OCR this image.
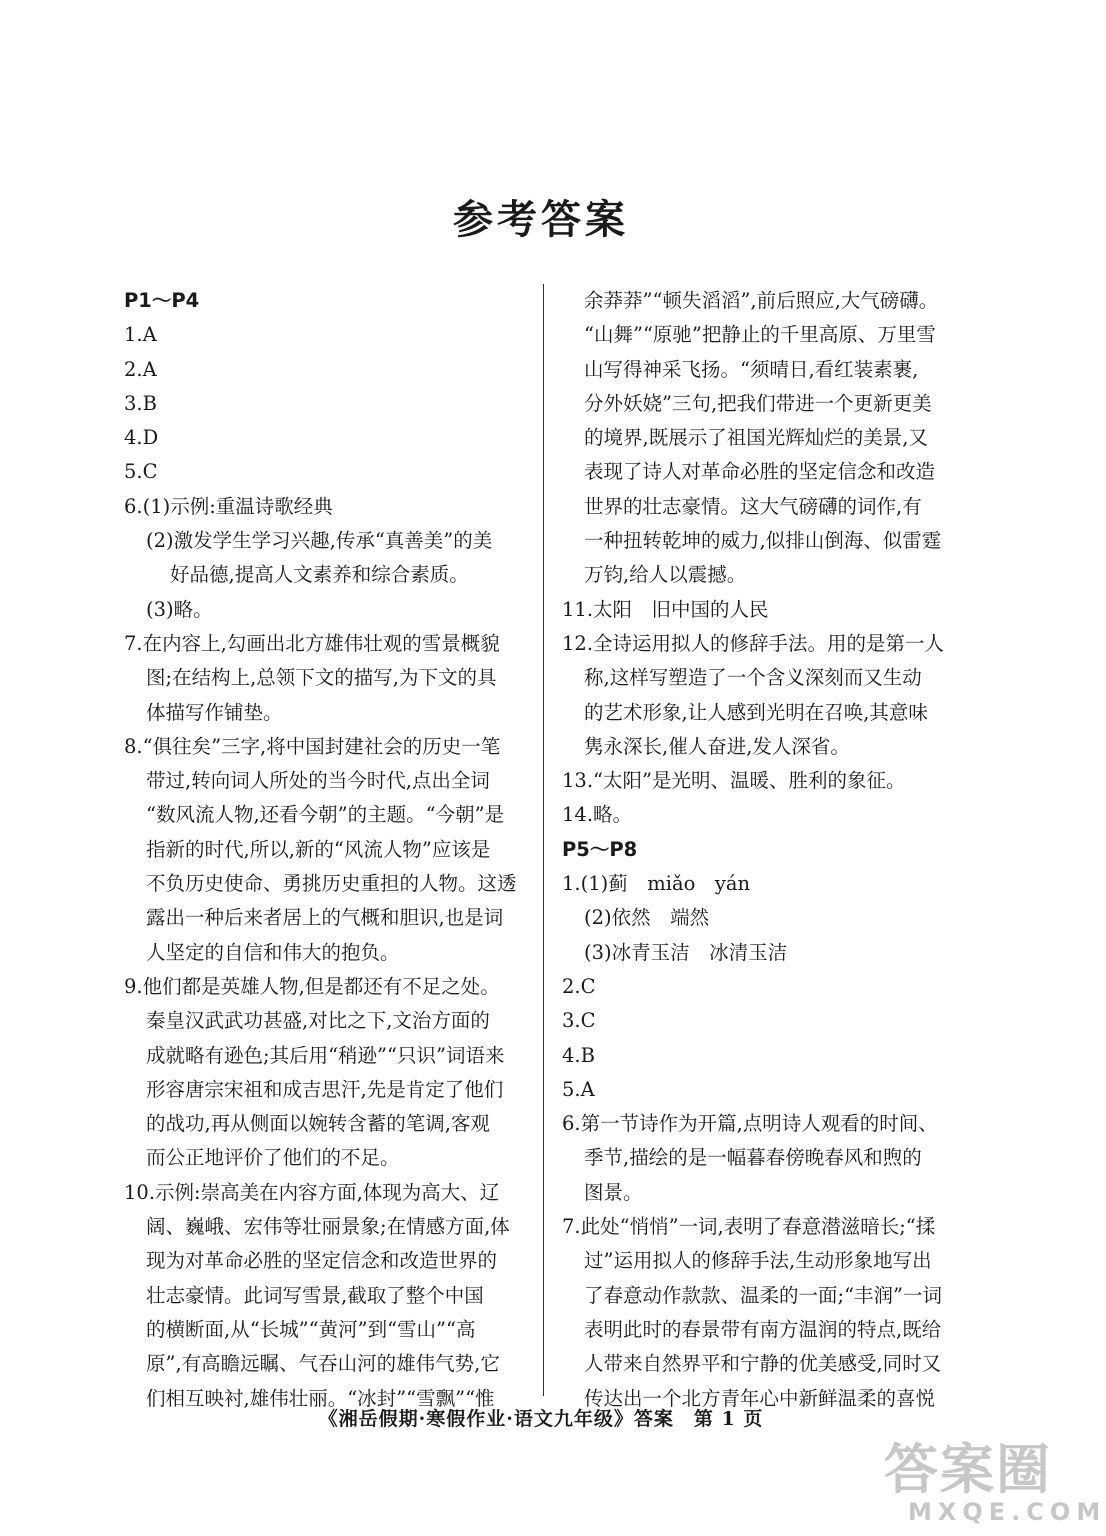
参考答案
P1～P4
1.A
2.A
3.B
4.D
5.C
6.(1)示例:重温诗歌经典
(2)激发学生学习兴趣,传承“真善美”的美
好品德,提高人文素养和综合素质。
(3)略。
7.在内容上,勾画出北方雄伟壮观的雪景概貌
图;在结构上,总领下文的描写,为下文的具
体描写作铺垫。
8.“俱往矣”三字,将中国封建社会的历史一笔
带过,转向词人所处的当今时代,点出全词
“数风流人物,还看今朝”的主题。“今朝”是
指新的时代,所以,新的“风流人物”应该是
不负历史使命、勇挑历史重担的人物。这透
露出一种后来者居上的气概和胆识,也是词
人坚定的自信和伟大的抱负。
9.他们都是英雄人物,但是都还有不足之处。
秦皇汉武武功甚盛,对比之下,文治方面的
成就略有逊色;其后用“稍逊”“只识”词语来
形容唐宗宋祖和成吉思汗,先是肯定了他们
的战功,再从侧面以婉转含蓄的笔调,客观
而公正地评价了他们的不足。
10.示例:崇高美在内容方面,体现为高大、辽
阔、巍峨、宏伟等壮丽景象;在情感方面,体
现为对革命必胜的坚定信念和改造世界的
壮志豪情。此词写雪景,截取了整个中国
的横断面,从“长城”“黄河”到“雪山”“高
原”,有高瞻远瞩、气吞山河的雄伟气势,它
们相互映衬,雄伟壮丽。“冰封”“雪飘”“惟
余莽莽”“顿失滔滔”,前后照应,大气磅礴。
“山舞”“原驰”把静止的千里高原、万里雪
山写得神采飞扬。“须晴日,看红装素裹,
分外妖娆”三句,把我们带进一个更新更美
的境界,既展示了祖国光辉灿烂的美景,又
表现了诗人对革命必胜的坚定信念和改造
世界的壮志豪情。这大气磅礴的词作,有
一种扭转乾坤的威力,似排山倒海、似雷霆
万钧,给人以震撼。
11.太阳　旧中国的人民
12.全诗运用拟人的修辞手法。用的是第一人
称,这样写塑造了一个含义深刻而又生动
的艺术形象,让人感到光明在召唤,其意味
隽永深长,催人奋进,发人深省。
13.“太阳”是光明、温暖、胜利的象征。
14.略。
P5～P8
1.(1)蓟　miǎo　yán
(2)依然　端然
(3)冰青玉洁　冰清玉洁
2.C
3.C
4.B
5.A
6.第一节诗作为开篇,点明诗人观看的时间、
季节,描绘的是一幅暮春傍晚春风和煦的
图景。
7.此处“悄悄”一词,表明了春意潜滋暗长;“揉
过”运用拟人的修辞手法,生动形象地写出
了春意动作款款、温柔的一面;“丰润”一词
表明此时的春景带有南方温润的特点,既给
人带来自然界平和宁静的优美感受,同时又
传达出一个北方青年心中新鲜温柔的喜悦
《湘岳假期·寒假作业·语文九年级》答案　第 1 页
答案圈
MXQE.COM
